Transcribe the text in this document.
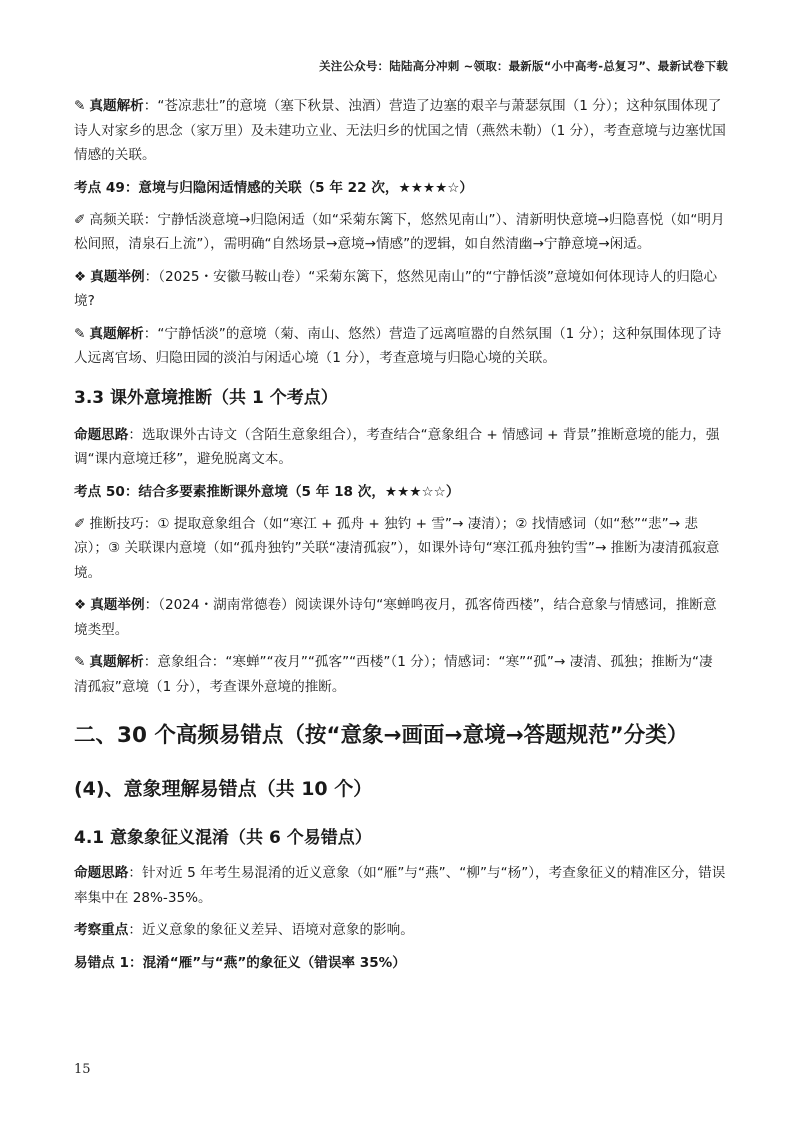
关注公众号：陆陆高分冲刺 ~领取：最新版“小中高考-总复习”、最新试卷下载

✎ 真题解析：“苍凉悲壮”的意境（塞下秋景、浊酒）营造了边塞的艰辛与萧瑟氛围（1 分）；这种氛围体现了诗人对家乡的思念（家万里）及未建功立业、无法归乡的忧国之情（燕然未勒）（1 分），考查意境与边塞忧国情感的关联。

考点 49：意境与归隐闲适情感的关联（5 年 22 次，★★★★☆）

✐ 高频关联：宁静恬淡意境→归隐闲适（如“采菊东篱下，悠然见南山”）、清新明快意境→归隐喜悦（如“明月松间照，清泉石上流”），需明确“自然场景→意境→情感”的逻辑，如自然清幽→宁静意境→闲适。

❖ 真题举例：（2025・安徽马鞍山卷）“采菊东篱下，悠然见南山”的“宁静恬淡”意境如何体现诗人的归隐心境?

✎ 真题解析：“宁静恬淡”的意境（菊、南山、悠然）营造了远离喧嚣的自然氛围（1 分）；这种氛围体现了诗人远离官场、归隐田园的淡泊与闲适心境（1 分），考查意境与归隐心境的关联。

3.3 课外意境推断（共 1 个考点）

命题思路：选取课外古诗文（含陌生意象组合），考查结合“意象组合 + 情感词 + 背景”推断意境的能力，强调“课内意境迁移”，避免脱离文本。

考点 50：结合多要素推断课外意境（5 年 18 次，★★★☆☆）

✐ 推断技巧：① 提取意象组合（如“寒江 + 孤舟 + 独钓 + 雪”→ 凄清）；② 找情感词（如“愁”“悲”→ 悲凉）；③ 关联课内意境（如“孤舟独钓”关联“凄清孤寂”），如课外诗句“寒江孤舟独钓雪”→ 推断为凄清孤寂意境。

❖ 真题举例：（2024・湖南常德卷）阅读课外诗句“寒蝉鸣夜月，孤客倚西楼”，结合意象与情感词，推断意境类型。

✎ 真题解析：意象组合：“寒蝉”“夜月”“孤客”“西楼”（1 分）；情感词：“寒”“孤”→ 凄清、孤独；推断为“凄清孤寂”意境（1 分），考查课外意境的推断。

二、30 个高频易错点（按“意象→画面→意境→答题规范”分类）
(4)、意象理解易错点（共 10 个）
4.1 意象象征义混淆（共 6 个易错点）

命题思路：针对近 5 年考生易混淆的近义意象（如“雁”与“燕”、“柳”与“杨”），考查象征义的精准区分，错误率集中在 28%-35%。

考察重点：近义意象的象征义差异、语境对意象的影响。

易错点 1：混淆“雁”与“燕”的象征义（错误率 35%）

15
